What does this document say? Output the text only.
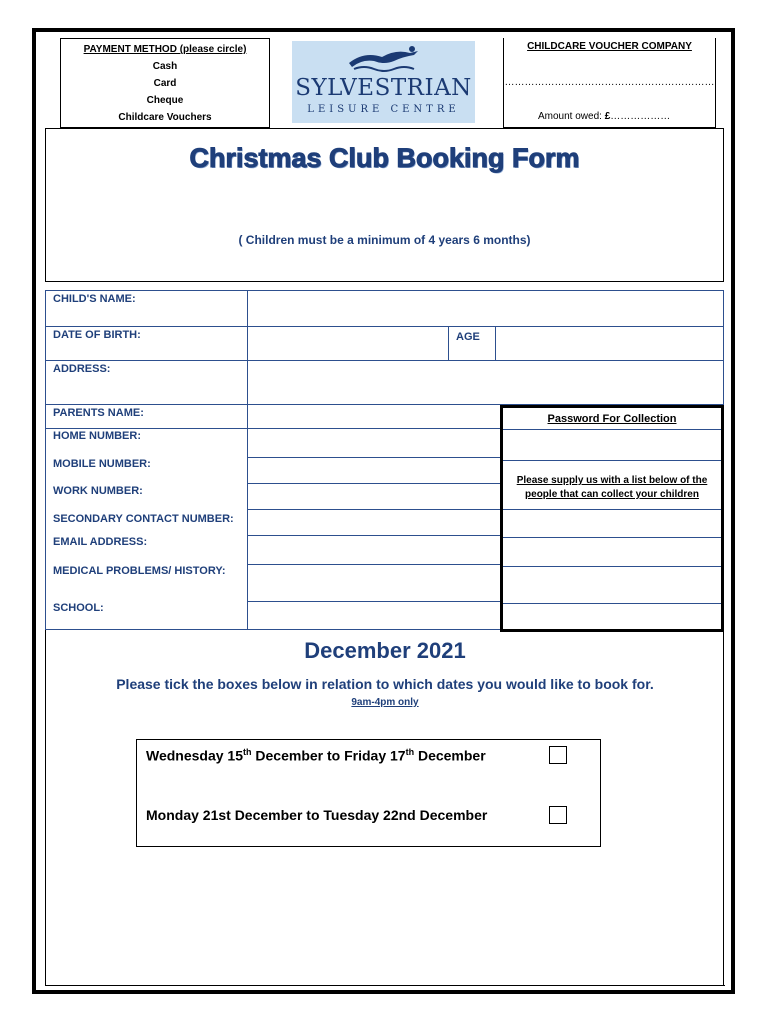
PAYMENT METHOD (please circle)
Cash
Card
Cheque
Childcare Vouchers
SYLVESTRIAN
LEISURE CENTRE
CHILDCARE VOUCHER COMPANY
………………………………………………………
Amount owed: £………………
Christmas Club Booking Form
( Children must be a minimum of 4 years 6 months)
CHILD'S NAME:
DATE OF BIRTH:	AGE
ADDRESS:
PARENTS NAME:
HOME NUMBER:
MOBILE NUMBER:
WORK NUMBER:
SECONDARY CONTACT NUMBER:
EMAIL ADDRESS:
MEDICAL PROBLEMS/ HISTORY:
SCHOOL:
Password For Collection
Please supply us with a list below of the
people that can collect your children
December 2021
Please tick the boxes below in relation to which dates you would like to book for.
9am-4pm only
Wednesday 15th December to Friday 17th December
Monday 21st December to Tuesday 22nd December
